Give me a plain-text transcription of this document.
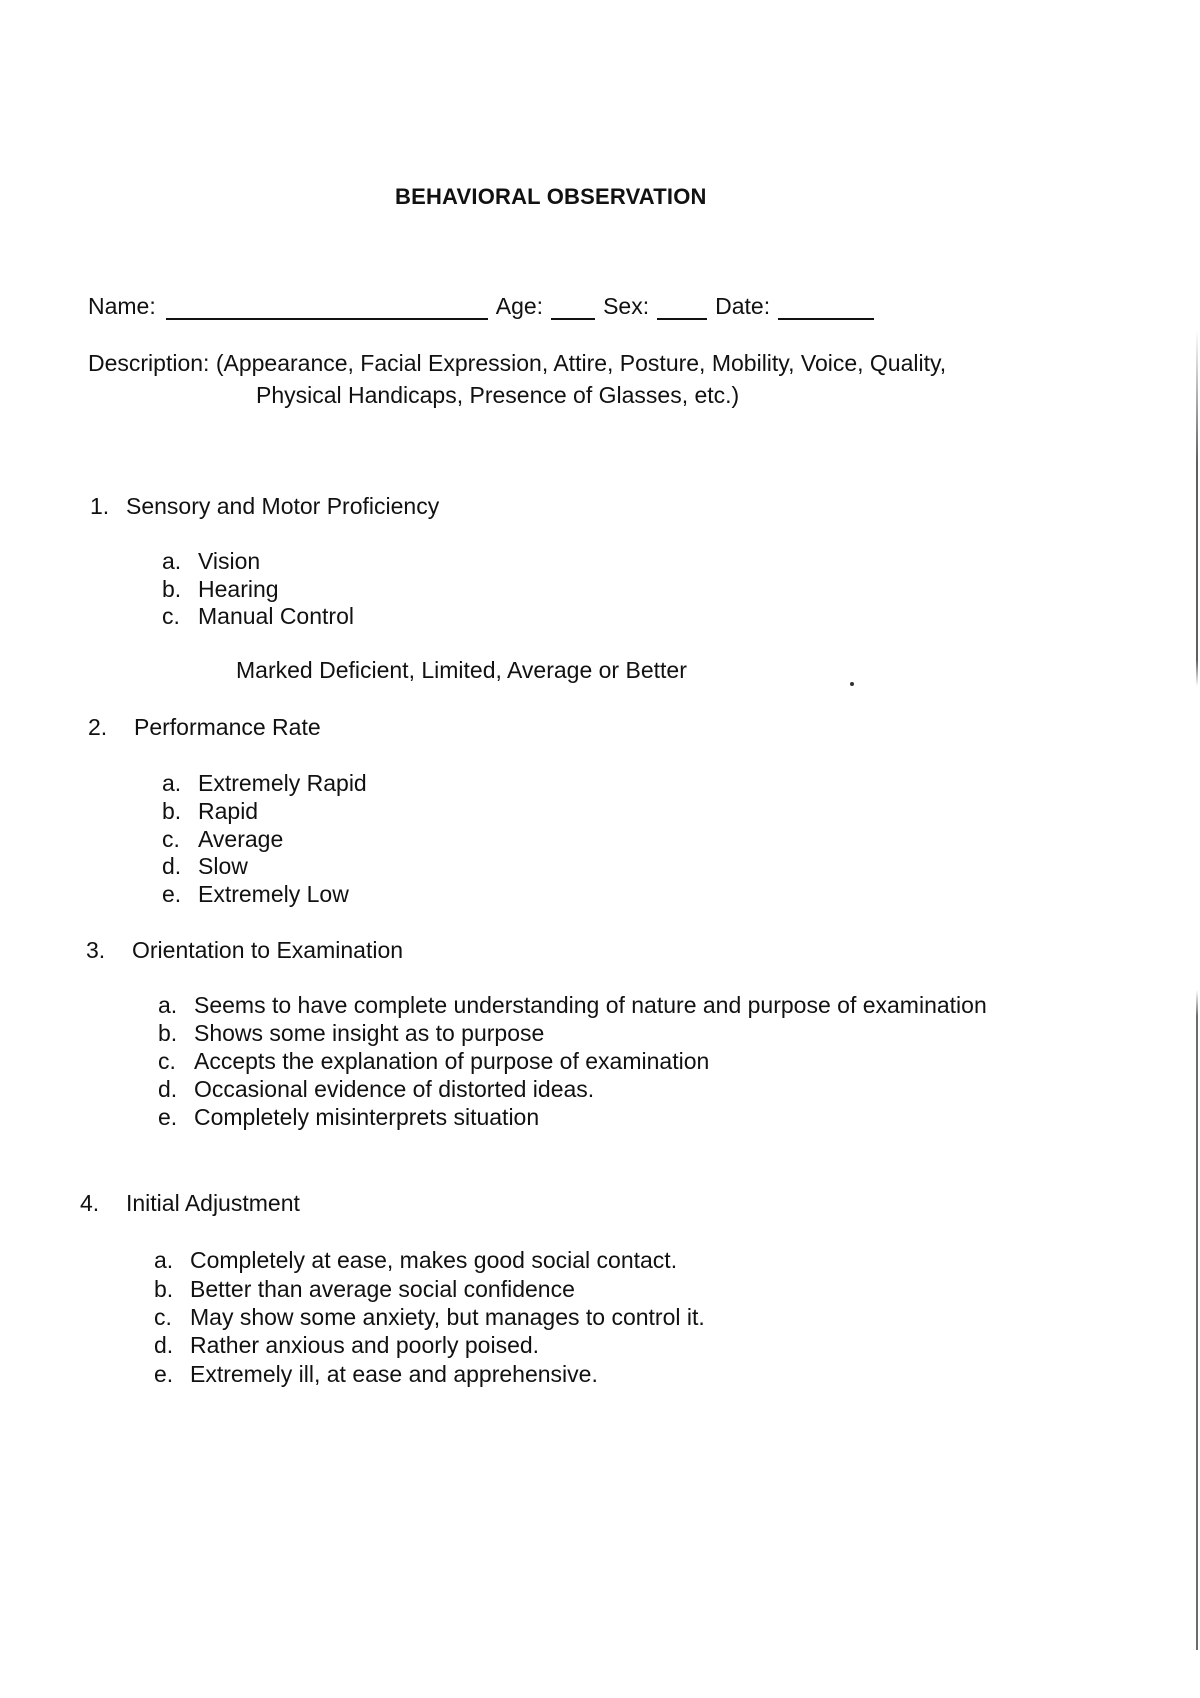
BEHAVIORAL OBSERVATION
Name:	Age:	Sex:	Date:
Description: (Appearance, Facial Expression, Attire, Posture, Mobility, Voice, Quality,
Physical Handicaps, Presence of Glasses, etc.)
1. Sensory and Motor Proficiency
a. Vision
b. Hearing
c. Manual Control
Marked Deficient, Limited, Average or Better
2. Performance Rate
a. Extremely Rapid
b. Rapid
c. Average
d. Slow
e. Extremely Low
3. Orientation to Examination
a. Seems to have complete understanding of nature and purpose of examination
b. Shows some insight as to purpose
c. Accepts the explanation of purpose of examination
d. Occasional evidence of distorted ideas.
e. Completely misinterprets situation
4. Initial Adjustment
a. Completely at ease, makes good social contact.
b. Better than average social confidence
c. May show some anxiety, but manages to control it.
d. Rather anxious and poorly poised.
e. Extremely ill, at ease and apprehensive.
